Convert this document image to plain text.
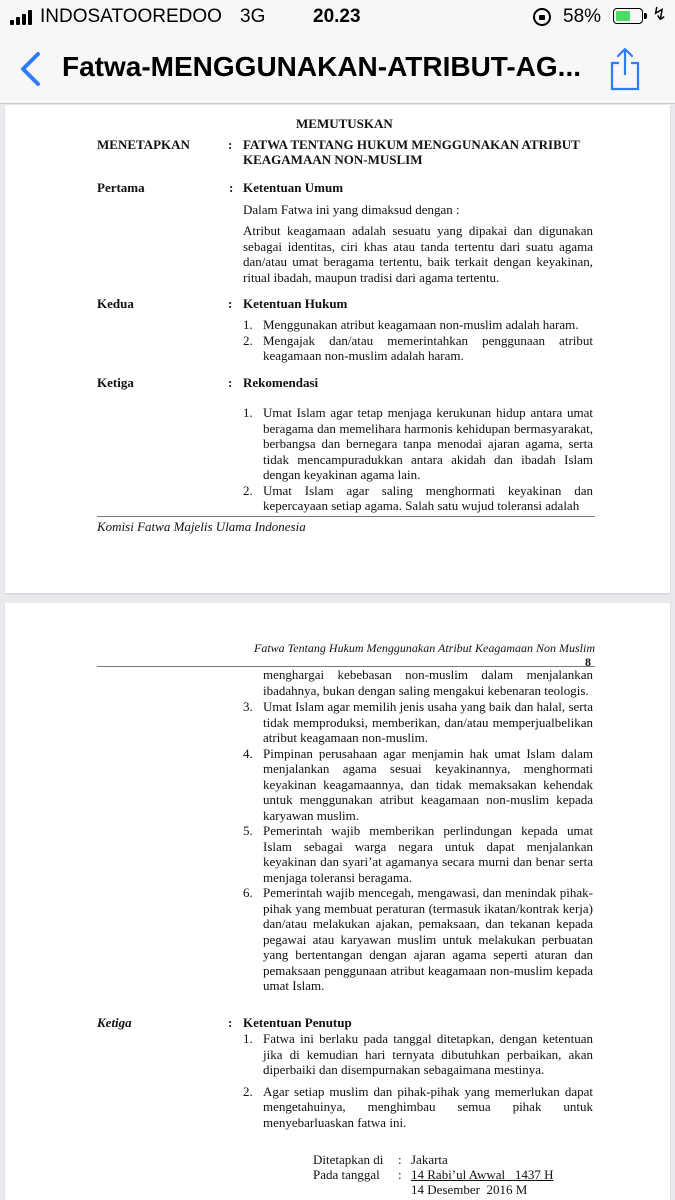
INDOSATOOREDOO 3G	20.23	58%	↯
Fatwa-MENGGUNAKAN-ATRIBUT-AG...
MEMUTUSKAN
MENETAPKAN	: FATWA TENTANG HUKUM MENGGUNAKAN ATRIBUT
KEAGAMAAN NON-MUSLIM
Pertama	: Ketentuan Umum
Dalam Fatwa ini yang dimaksud dengan :
Atribut keagamaan adalah sesuatu yang dipakai dan digunakan sebagai identitas, ciri khas atau tanda tertentu dari suatu agama dan/atau umat beragama tertentu, baik terkait dengan keyakinan, ritual ibadah, maupun tradisi dari agama tertentu.
Kedua	: Ketentuan Hukum
1. Menggunakan atribut keagamaan non-muslim adalah haram.
2. Mengajak dan/atau memerintahkan penggunaan atribut keagamaan non-muslim adalah haram.
Ketiga	: Rekomendasi
1. Umat Islam agar tetap menjaga kerukunan hidup antara umat beragama dan memelihara harmonis kehidupan bermasyarakat, berbangsa dan bernegara tanpa menodai ajaran agama, serta tidak mencampuradukkan antara akidah dan ibadah Islam dengan keyakinan agama lain.
2. Umat Islam agar saling menghormati keyakinan dan kepercayaan setiap agama. Salah satu wujud toleransi adalah
Komisi Fatwa Majelis Ulama Indonesia
Fatwa Tentang Hukum Menggunakan Atribut Keagamaan Non Muslim
8
menghargai kebebasan non-muslim dalam menjalankan ibadahnya, bukan dengan saling mengakui kebenaran teologis.
3. Umat Islam agar memilih jenis usaha yang baik dan halal, serta tidak memproduksi, memberikan, dan/atau memperjualbelikan atribut keagamaan non-muslim.
4. Pimpinan perusahaan agar menjamin hak umat Islam dalam menjalankan agama sesuai keyakinannya, menghormati keyakinan keagamaannya, dan tidak memaksakan kehendak untuk menggunakan atribut keagamaan non-muslim kepada karyawan muslim.
5. Pemerintah wajib memberikan perlindungan kepada umat Islam sebagai warga negara untuk dapat menjalankan keyakinan dan syari’at agamanya secara murni dan benar serta menjaga toleransi beragama.
6. Pemerintah wajib mencegah, mengawasi, dan menindak pihak-pihak yang membuat peraturan (termasuk ikatan/kontrak kerja) dan/atau melakukan ajakan, pemaksaan, dan tekanan kepada pegawai atau karyawan muslim untuk melakukan perbuatan yang bertentangan dengan ajaran agama seperti aturan dan pemaksaan penggunaan atribut keagamaan non-muslim kepada umat Islam.
Ketiga	: Ketentuan Penutup
1. Fatwa ini berlaku pada tanggal ditetapkan, dengan ketentuan jika di kemudian hari ternyata dibutuhkan perbaikan, akan diperbaiki dan disempurnakan sebagaimana mestinya.
2. Agar setiap muslim dan pihak-pihak yang memerlukan dapat mengetahuinya, menghimbau semua pihak untuk menyebarluaskan fatwa ini.
Ditetapkan di : Jakarta
Pada tanggal : 14 Rabi’ul Awwal   1437 H
14 Desember  2016 M
